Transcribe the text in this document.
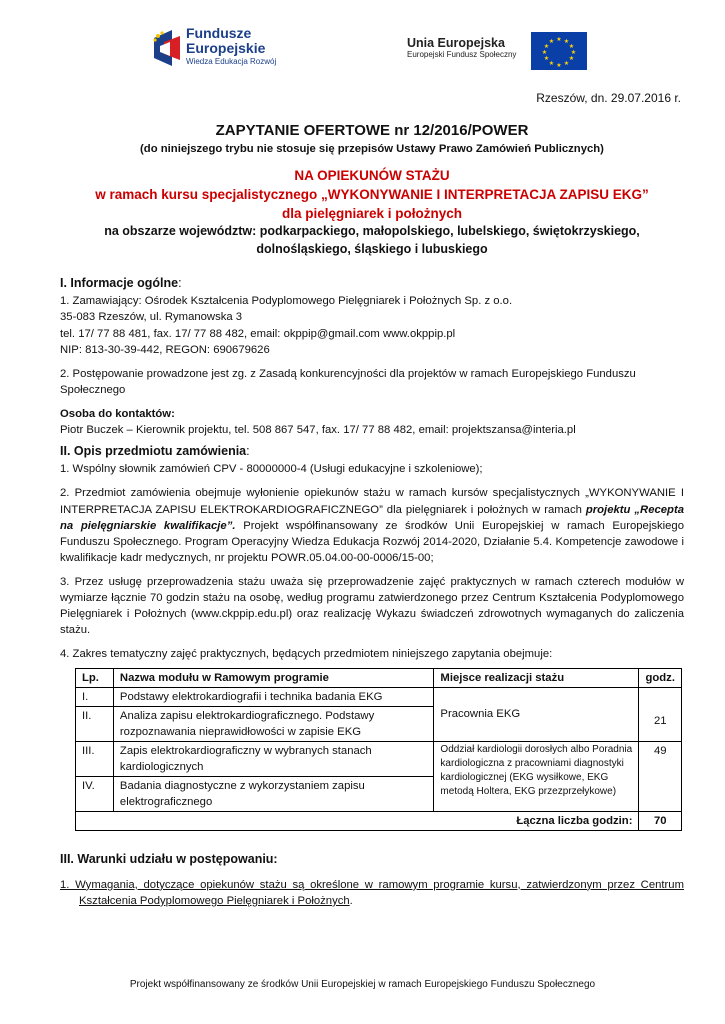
Fundusze
Europejskie
Wiedza Edukacja Rozwój
Unia Europejska
Europejski Fundusz Społeczny
★ ★
★
★
★
★
★
★
★
★
★
★
Rzeszów, dn. 29.07.2016 r.

ZAPYTANIE OFERTOWE nr 12/2016/POWER

(do niniejszego trybu nie stosuje się przepisów Ustawy Prawo Zamówień Publicznych)

NA OPIEKUNÓW STAŻU

w ramach kursu specjalistycznego „WYKONYWANIE I INTERPRETACJA ZAPISU EKG”

dla pielęgniarek i położnych

na obszarze województw: podkarpackiego, małopolskiego, lubelskiego, świętokrzyskiego,

dolnośląskiego, śląskiego i lubuskiego

I. Informacje ogólne:

1. Zamawiający: Ośrodek Kształcenia Podyplomowego Pielęgniarek i Położnych Sp. z o.o.

35-083 Rzeszów, ul. Rymanowska 3

tel. 17/ 77 88 481, fax. 17/ 77 88 482, email: okppip@gmail.com www.okppip.pl

NIP: 813-30-39-442, REGON: 690679626

2. Postępowanie prowadzone jest zg. z Zasadą konkurencyjności dla projektów w ramach Europejskiego Funduszu Społecznego

Osoba do kontaktów:

Piotr Buczek – Kierownik projektu, tel. 508 867 547, fax. 17/ 77 88 482, email: projektszansa@interia.pl

II. Opis przedmiotu zamówienia:

1. Wspólny słownik zamówień CPV - 80000000-4 (Usługi edukacyjne i szkoleniowe);

2. Przedmiot zamówienia obejmuje wyłonienie opiekunów stażu w ramach kursów specjalistycznych „WYKONYWANIE I INTERPRETACJA ZAPISU ELEKTROKARDIOGRAFICZNEGO” dla pielęgniarek i położnych w ramach projektu „Recepta na pielęgniarskie kwalifikacje”. Projekt współfinansowany ze środków Unii Europejskiej w ramach Europejskiego Funduszu Społecznego. Program Operacyjny Wiedza Edukacja Rozwój 2014-2020, Działanie 5.4. Kompetencje zawodowe i kwalifikacje kadr medycznych, nr projektu POWR.05.04.00-00-0006/15-00;

3. Przez usługę przeprowadzenia stażu uważa się przeprowadzenie zajęć praktycznych w ramach czterech modułów w wymiarze łącznie 70 godzin stażu na osobę, według programu zatwierdzonego przez Centrum Kształcenia Podyplomowego Pielęgniarek i Położnych (www.ckppip.edu.pl) oraz realizację Wykazu świadczeń zdrowotnych wymaganych do zaliczenia stażu.

4. Zakres tematyczny zajęć praktycznych, będących przedmiotem niniejszego zapytania obejmuje:

Lp.	Nazwa modułu w Ramowym programie	Miejsce realizacji stażu	godz.
I.	Podstawy elektrokardiografii i technika badania EKG	Pracownia EKG	21
II.	Analiza zapisu elektrokardiograficznego. Podstawy rozpoznawania nieprawidłowości w zapisie EKG		
III.	Zapis elektrokardiograficzny w wybranych stanach kardiologicznych	Oddział kardiologii dorosłych albo Poradnia kardiologiczna z pracowniami diagnostyki kardiologicznej (EKG wysiłkowe, EKG metodą Holtera, EKG przezprzełykowe)	49
IV.	Badania diagnostyczne z wykorzystaniem zapisu elektrograficznego		
Łączna liczba godzin:			70
III. Warunki udziału w postępowaniu:

1. Wymagania, dotyczące opiekunów stażu są określone w ramowym programie kursu, zatwierdzonym przez Centrum Kształcenia Podyplomowego Pielęgniarek i Położnych.

Projekt współfinansowany ze środków Unii Europejskiej w ramach Europejskiego Funduszu Społecznego
